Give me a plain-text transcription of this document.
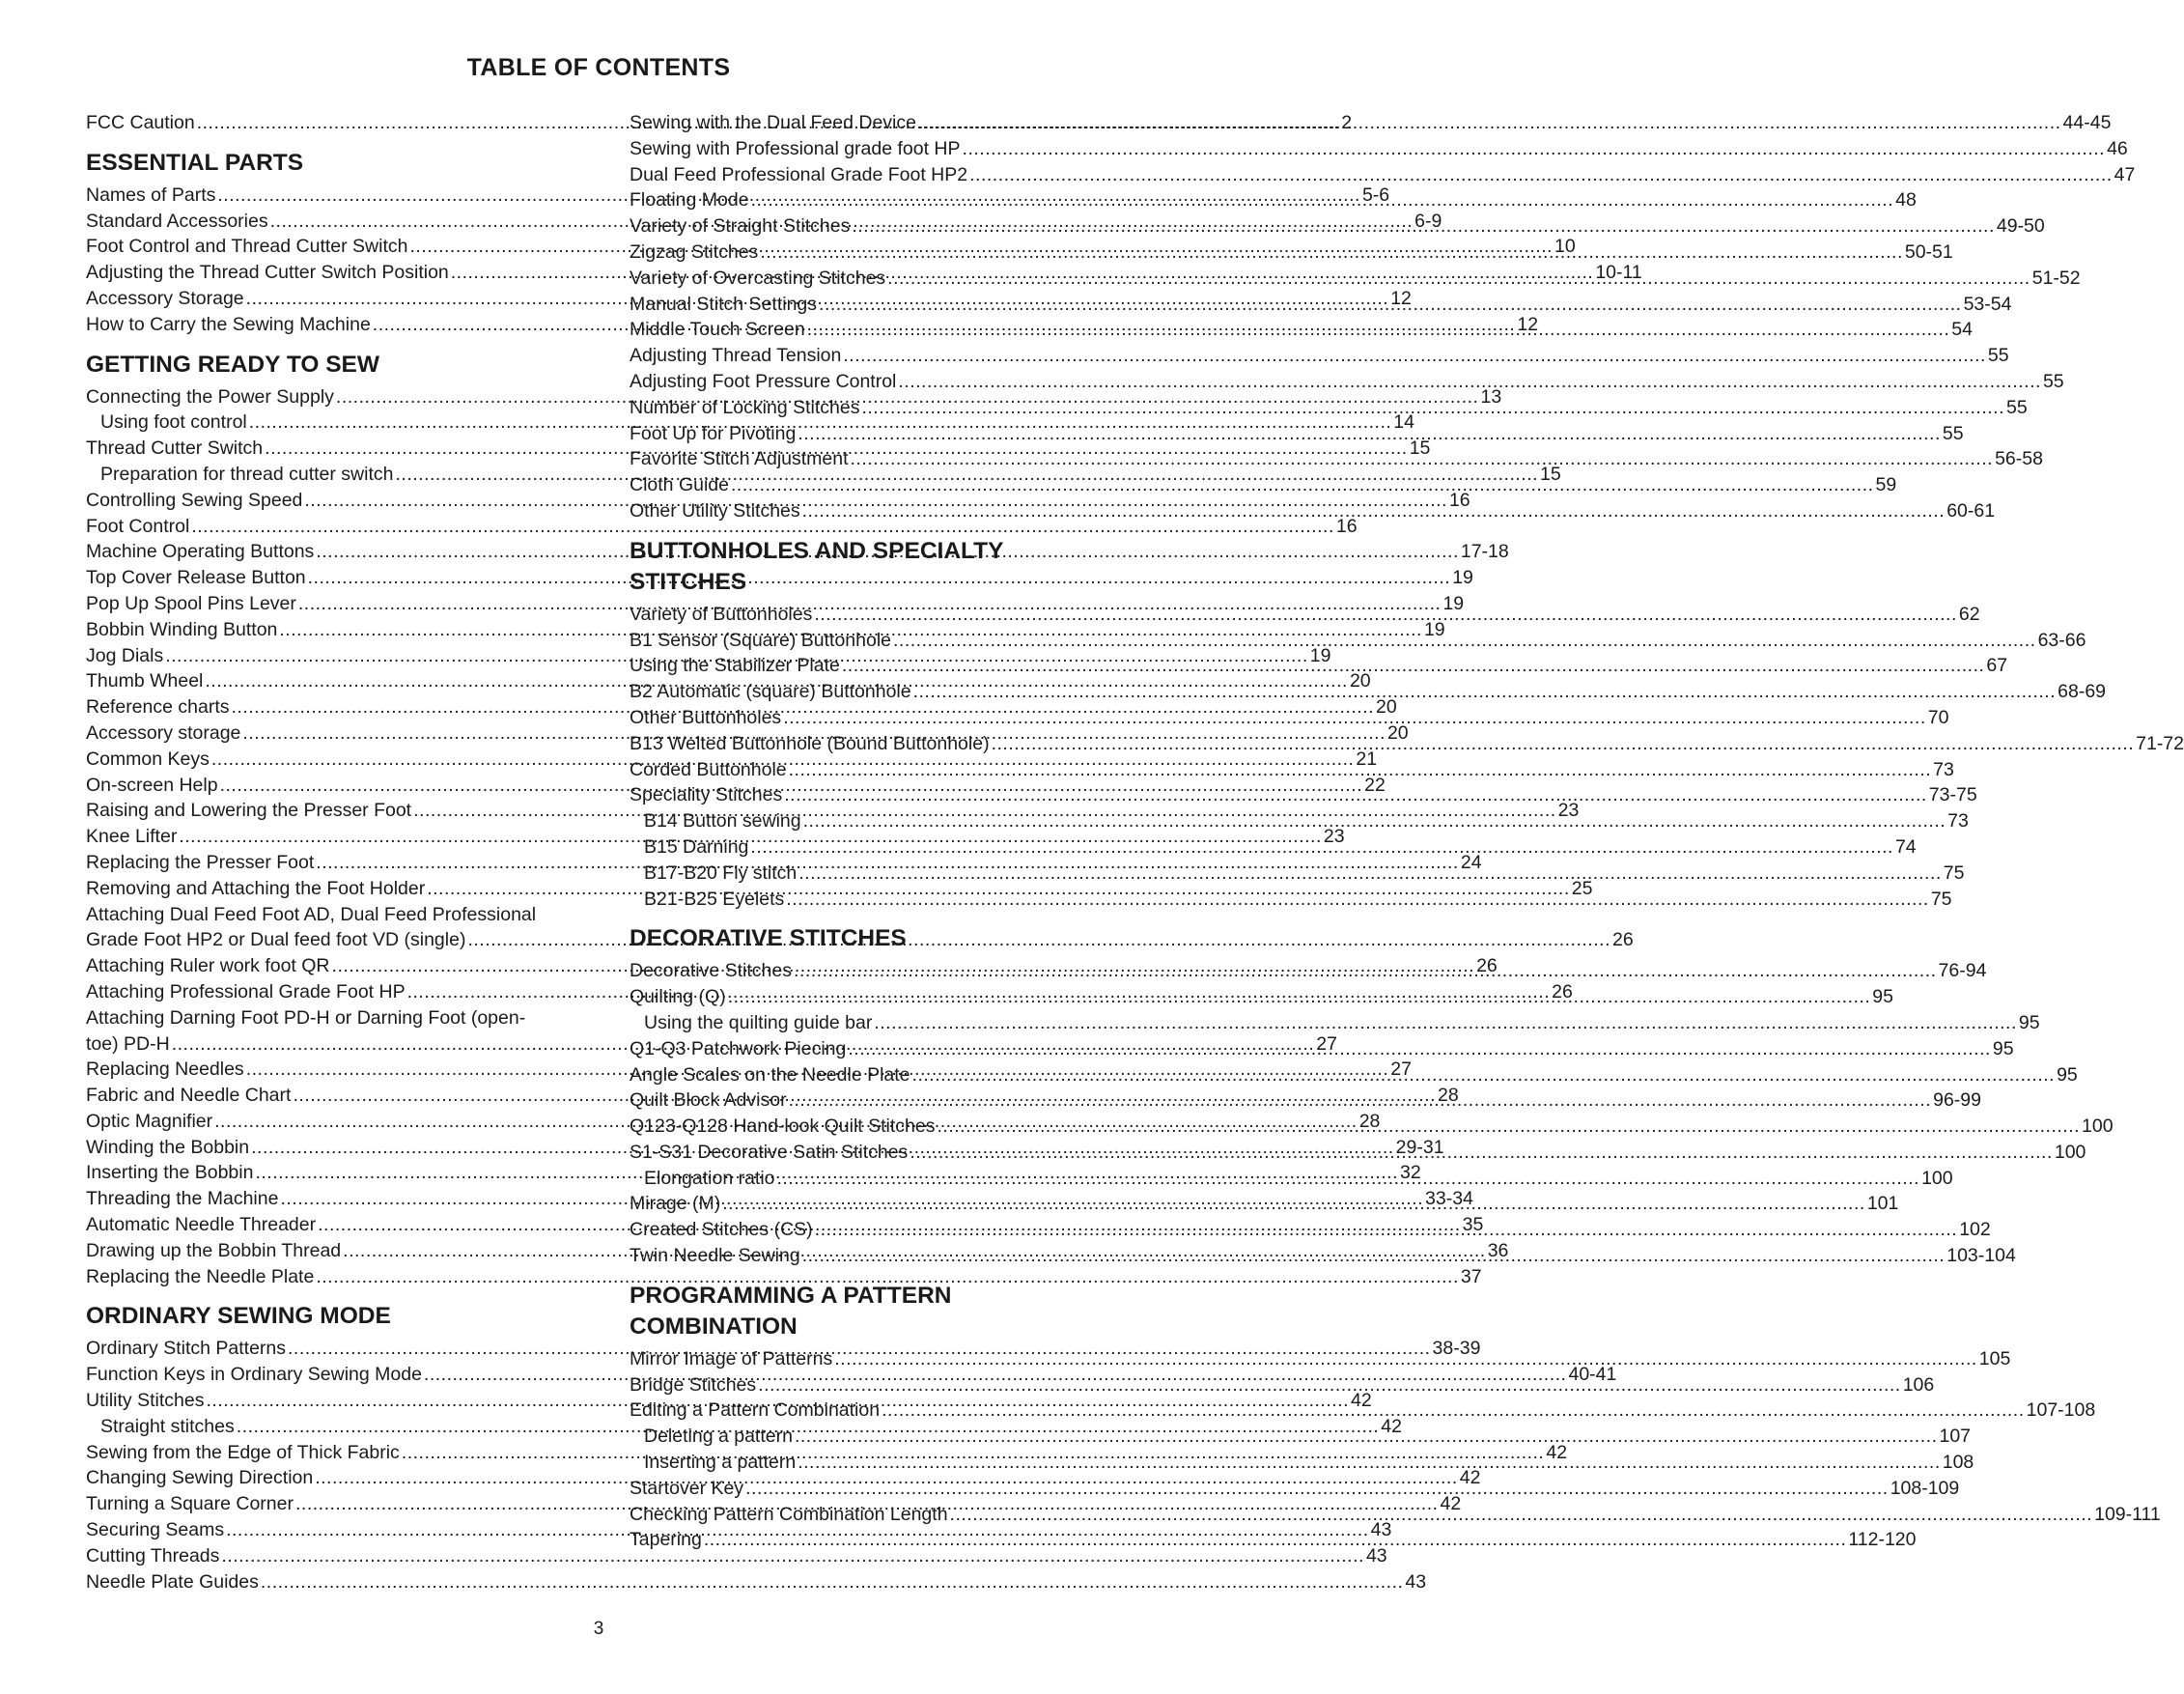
TABLE OF CONTENTS
FCC Caution .....	2
ESSENTIAL PARTS
Names of Parts .....	5-6
Standard Accessories .....	6-9
Foot Control and Thread Cutter Switch .....	10
Adjusting the Thread Cutter Switch Position .....	10-11
Accessory Storage .....	12
How to Carry the Sewing Machine .....	12
GETTING READY TO SEW
Connecting the Power Supply .....	13
Using foot control .....	14
Thread Cutter Switch .....	15
Preparation for thread cutter switch .....	15
Controlling Sewing Speed .....	16
Foot Control .....	16
Machine Operating Buttons .....	17-18
Top Cover Release Button .....	19
Pop Up Spool Pins Lever .....	19
Bobbin Winding Button .....	19
Jog Dials .....	19
Thumb Wheel .....	20
Reference charts .....	20
Accessory storage .....	20
Common Keys .....	21
On-screen Help .....	22
Raising and Lowering the Presser Foot .....	23
Knee Lifter .....	23
Replacing the Presser Foot .....	24
Removing and Attaching the Foot Holder .....	25
Attaching Dual Feed Foot AD, Dual Feed Professional
Grade Foot HP2 or Dual feed foot VD (single) .....	26
Attaching Ruler work foot QR .....	26
Attaching Professional Grade Foot HP .....	26
Attaching Darning Foot PD-H or Darning Foot (open-
toe) PD-H .....	27
Replacing Needles .....	27
Fabric and Needle Chart .....	28
Optic Magnifier .....	28
Winding the Bobbin .....	29-31
Inserting the Bobbin .....	32
Threading the Machine .....	33-34
Automatic Needle Threader .....	35
Drawing up the Bobbin Thread .....	36
Replacing the Needle Plate .....	37
ORDINARY SEWING MODE
Ordinary Stitch Patterns .....	38-39
Function Keys in Ordinary Sewing Mode .....	40-41
Utility Stitches .....	42
Straight stitches .....	42
Sewing from the Edge of Thick Fabric .....	42
Changing Sewing Direction .....	42
Turning a Square Corner .....	42
Securing Seams .....	43
Cutting Threads .....	43
Needle Plate Guides .....	43
Sewing with the Dual Feed Device .....	44-45
Sewing with Professional grade foot HP .....	46
Dual Feed Professional Grade Foot HP2 .....	47
Floating Mode .....	48
Variety of Straight Stitches .....	49-50
Zigzag Stitches .....	50-51
Variety of Overcasting Stitches .....	51-52
Manual Stitch Settings .....	53-54
Middle Touch Screen .....	54
Adjusting Thread Tension .....	55
Adjusting Foot Pressure Control .....	55
Number of Locking Stitches .....	55
Foot Up for Pivoting .....	55
Favorite Stitch Adjustment .....	56-58
Cloth Guide .....	59
Other Utility Stitches .....	60-61
BUTTONHOLES AND SPECIALTY
STITCHES
Variety of Buttonholes .....	62
B1 Sensor (Square) Buttonhole .....	63-66
Using the Stabilizer Plate .....	67
B2 Automatic (square) Buttonhole .....	68-69
Other Buttonholes .....	70
B13 Welted Buttonhole (Bound Buttonhole) .....	71-72
Corded Buttonhole .....	73
Speciality Stitches .....	73-75
B14 Button sewing .....	73
B15 Darning .....	74
B17-B20 Fly stitch .....	75
B21-B25 Eyelets .....	75
DECORATIVE STITCHES
Decorative Stitches .....	76-94
Quilting (Q) .....	95
Using the quilting guide bar .....	95
Q1-Q3 Patchwork Piecing .....	95
Angle Scales on the Needle Plate .....	95
Quilt Block Advisor .....	96-99
Q123-Q128 Hand-look Quilt Stitches .....	100
S1-S31 Decorative Satin Stitches .....	100
Elongation ratio .....	100
Mirage (M) .....	101
Created Stitches (CS) .....	102
Twin Needle Sewing .....	103-104
PROGRAMMING A PATTERN
COMBINATION
Mirror Image of Patterns .....	105
Bridge Stitches .....	106
Editing a Pattern Combination .....	107-108
Deleting a pattern .....	107
Inserting a pattern .....	108
Startover Key .....	108-109
Checking Pattern Combination Length .....	109-111
Tapering .....	112-120
3
